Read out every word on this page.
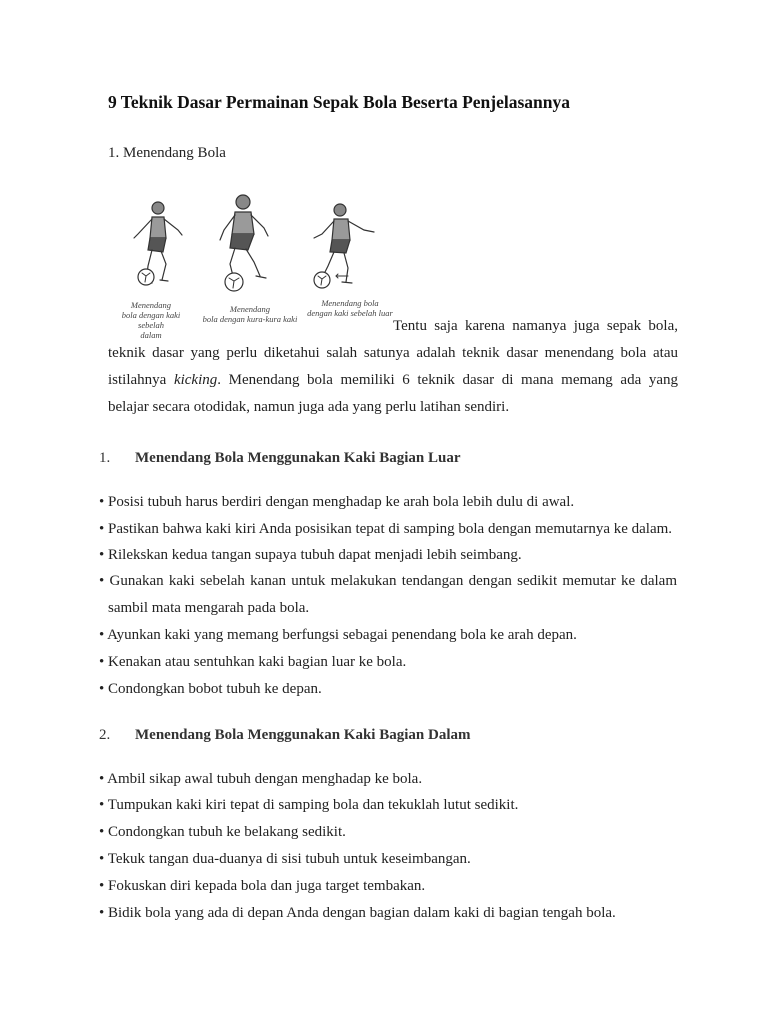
9 Teknik Dasar Permainan Sepak Bola Beserta Penjelasannya
1. Menendang Bola
Menendang
bola dengan kaki sebelah
dalam
Menendang
bola dengan kura-kura kaki
Menendang bola
dengan kaki sebelah luar
Tentu saja karena namanya juga sepak bola,
teknik dasar yang perlu diketahui salah satunya adalah teknik dasar menendang bola atau
istilahnya kicking. Menendang bola memiliki 6 teknik dasar di mana memang ada yang
belajar secara otodidak, namun juga ada yang perlu latihan sendiri.
1. Menendang Bola Menggunakan Kaki Bagian Luar
• Posisi tubuh harus berdiri dengan menghadap ke arah bola lebih dulu di awal.
• Pastikan bahwa kaki kiri Anda posisikan tepat di samping bola dengan memutarnya ke dalam.
• Rilekskan kedua tangan supaya tubuh dapat menjadi lebih seimbang.
• Gunakan kaki sebelah kanan untuk melakukan tendangan dengan sedikit memutar ke dalam
sambil mata mengarah pada bola.
• Ayunkan kaki yang memang berfungsi sebagai penendang bola ke arah depan.
• Kenakan atau sentuhkan kaki bagian luar ke bola.
• Condongkan bobot tubuh ke depan.
2. Menendang Bola Menggunakan Kaki Bagian Dalam
• Ambil sikap awal tubuh dengan menghadap ke bola.
• Tumpukan kaki kiri tepat di samping bola dan tekuklah lutut sedikit.
• Condongkan tubuh ke belakang sedikit.
• Tekuk tangan dua-duanya di sisi tubuh untuk keseimbangan.
• Fokuskan diri kepada bola dan juga target tembakan.
• Bidik bola yang ada di depan Anda dengan bagian dalam kaki di bagian tengah bola.
